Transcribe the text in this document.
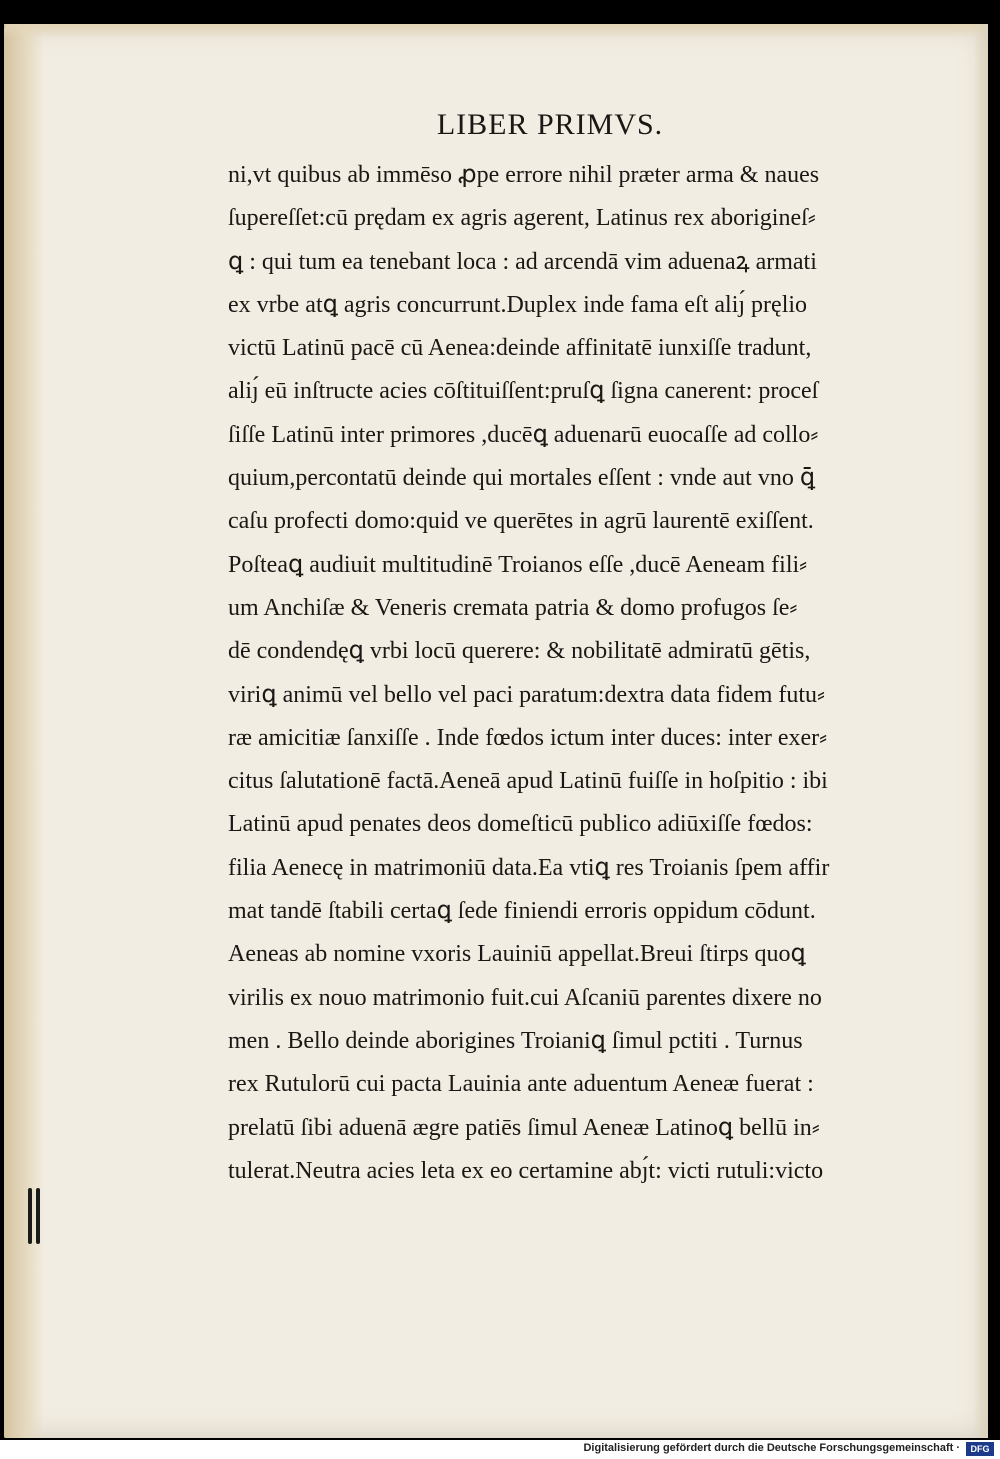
LIBER PRIMVS.
ni,vt quibus ab immēso ꝓpe errore nihil præter arma & naues
ſupereſſet:cū prędam ex agris agerent, Latinus rex aborigineſ⸗
ꝗ : qui tum ea tenebant loca : ad arcendā vim aduenaꝝ armati
ex vrbe atꝗ agris concurrunt.Duplex inde fama eſt aliȷ́ pręlio
victū Latinū pacē cū Aenea:deinde affinitatē iunxiſſe tradunt,
aliȷ́ eū inſtructe acies cōſtituiſſent:pruſꝗ ſigna canerent: proceſ
ſiſſe Latinū inter primores ,ducēꝗ aduenarū euocaſſe ad collo⸗
quium,percontatū deinde qui mortales eſſent : vnde aut vno ꝗ̄
caſu profecti domo:quid ve querētes in agrū laurentē exiſſent.
Poſteaꝗ audiuit multitudinē Troianos eſſe ,ducē Aeneam fili⸗
um Anchiſæ & Veneris cremata patria & domo profugos ſe⸗
dē condendęꝗ vrbi locū querere: & nobilitatē admiratū gētis,
viriꝗ animū vel bello vel paci paratum:dextra data fidem futu⸗
ræ amicitiæ ſanxiſſe . Inde fœdos ictum inter duces: inter exer⸗
citus ſalutationē factā.Aeneā apud Latinū fuiſſe in hoſpitio : ibi
Latinū apud penates deos domeſticū publico adiūxiſſe fœdos:
filia Aenecę in matrimoniū data.Ea vtiꝗ res Troianis ſpem affir
mat tandē ſtabili certaꝗ ſede finiendi erroris oppidum cōdunt.
Aeneas ab nomine vxoris Lauiniū appellat.Breui ſtirps quoꝗ
virilis ex nouo matrimonio fuit.cui Aſcaniū parentes dixere no
men . Bello deinde aborigines Troianiꝗ ſimul pctiti . Turnus
rex Rutulorū cui pacta Lauinia ante aduentum Aeneæ fuerat :
prelatū ſibi aduenā ægre patiēs ſimul Aeneæ Latinoꝗ bellū in⸗
tulerat.Neutra acies leta ex eo certamine abȷ́t: victi rutuli:victo
Digitalisierung gefördert durch die Deutsche Forschungsgemeinschaft ·	DFG
